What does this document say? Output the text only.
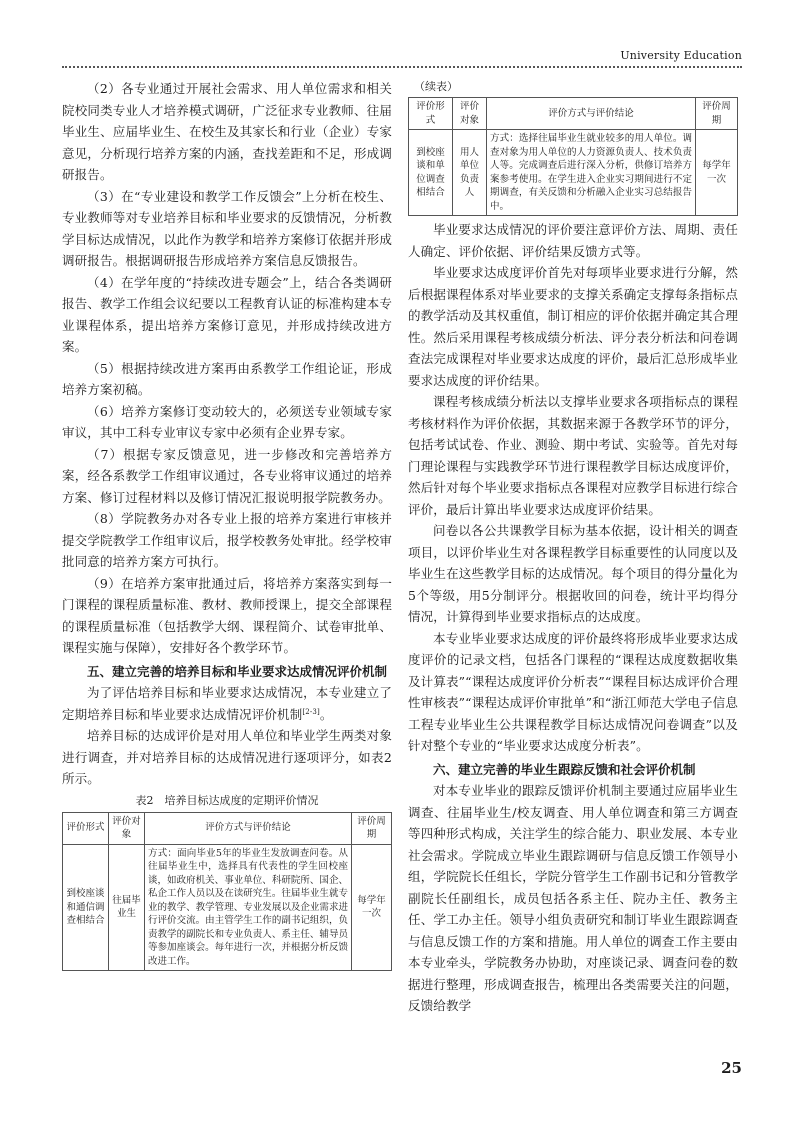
University Education

（2）各专业通过开展社会需求、用人单位需求和相关院校同类专业人才培养模式调研，广泛征求专业教师、往届毕业生、应届毕业生、在校生及其家长和行业（企业）专家意见，分析现行培养方案的内涵，查找差距和不足，形成调研报告。

（3）在“专业建设和教学工作反馈会”上分析在校生、专业教师等对专业培养目标和毕业要求的反馈情况，分析教学目标达成情况，以此作为教学和培养方案修订依据并形成调研报告。根据调研报告形成培养方案信息反馈报告。

（4）在学年度的“持续改进专题会”上，结合各类调研报告、教学工作组会议纪要以工程教育认证的标准构建本专业课程体系，提出培养方案修订意见，并形成持续改进方案。

（5）根据持续改进方案再由系教学工作组论证，形成培养方案初稿。

（6）培养方案修订变动较大的，必须送专业领域专家审议，其中工科专业审议专家中必须有企业界专家。

（7）根据专家反馈意见，进一步修改和完善培养方案，经各系教学工作组审议通过，各专业将审议通过的培养方案、修订过程材料以及修订情况汇报说明报学院教务办。

（8）学院教务办对各专业上报的培养方案进行审核并提交学院教学工作组审议后，报学校教务处审批。经学校审批同意的培养方案方可执行。

（9）在培养方案审批通过后，将培养方案落实到每一门课程的课程质量标准、教材、教师授课上，提交全部课程的课程质量标准（包括教学大纲、课程简介、试卷审批单、课程实施与保障），安排好各个教学环节。

五、建立完善的培养目标和毕业要求达成情况评价机制

为了评估培养目标和毕业要求达成情况，本专业建立了定期培养目标和毕业要求达成情况评价机制[2-3]。

培养目标的达成评价是对用人单位和毕业学生两类对象进行调查，并对培养目标的达成情况进行逐项评分，如表2所示。

表2　培养目标达成度的定期评价情况
评价形式	评价对象	评价方式与评价结论	评价周期
到校座谈和通信调查相结合	往届毕业生	方式：面向毕业5年的毕业生发放调查问卷。从往届毕业生中，选择具有代表性的学生回校座谈，如政府机关、事业单位、科研院所、国企、私企工作人员以及在读研究生。往届毕业生就专业的教学、教学管理、专业发展以及企业需求进行评价交流。由主管学生工作的副书记组织，负责教学的副院长和专业负责人、系主任、辅导员等参加座谈会。每年进行一次，并根据分析反馈改进工作。	每学年一次
（续表）
评价形式	评价对象	评价方式与评价结论	评价周期
到校座谈和单位调查相结合	用人单位负责人	方式：选择往届毕业生就业较多的用人单位。调查对象为用人单位的人力资源负责人、技术负责人等。完成调查后进行深入分析，供修订培养方案参考使用。在学生进入企业实习期间进行不定期调查，有关反馈和分析融入企业实习总结报告中。	每学年一次

毕业要求达成情况的评价要注意评价方法、周期、责任人确定、评价依据、评价结果反馈方式等。

毕业要求达成度评价首先对每项毕业要求进行分解，然后根据课程体系对毕业要求的支撑关系确定支撑每条指标点的教学活动及其权重值，制订相应的评价依据并确定其合理性。然后采用课程考核成绩分析法、评分表分析法和问卷调查法完成课程对毕业要求达成度的评价，最后汇总形成毕业要求达成度的评价结果。

课程考核成绩分析法以支撑毕业要求各项指标点的课程考核材料作为评价依据，其数据来源于各教学环节的评分，包括考试试卷、作业、测验、期中考试、实验等。首先对每门理论课程与实践教学环节进行课程教学目标达成度评价，然后针对每个毕业要求指标点各课程对应教学目标进行综合评价，最后计算出毕业要求达成度评价结果。

问卷以各公共课教学目标为基本依据，设计相关的调查项目，以评价毕业生对各课程教学目标重要性的认同度以及毕业生在这些教学目标的达成情况。每个项目的得分量化为5个等级，用5分制评分。根据收回的问卷，统计平均得分情况，计算得到毕业要求指标点的达成度。

本专业毕业要求达成度的评价最终将形成毕业要求达成度评价的记录文档，包括各门课程的“课程达成度数据收集及计算表”“课程达成度评价分析表”“课程目标达成评价合理性审核表”“课程达成评价审批单”和“浙江师范大学电子信息工程专业毕业生公共课程教学目标达成情况问卷调查”以及针对整个专业的“毕业要求达成度分析表”。

六、建立完善的毕业生跟踪反馈和社会评价机制

对本专业毕业的跟踪反馈评价机制主要通过应届毕业生调查、往届毕业生/校友调查、用人单位调查和第三方调查等四种形式构成，关注学生的综合能力、职业发展、本专业社会需求。学院成立毕业生跟踪调研与信息反馈工作领导小组，学院院长任组长，学院分管学生工作副书记和分管教学副院长任副组长，成员包括各系主任、院办主任、教务主任、学工办主任。领导小组负责研究和制订毕业生跟踪调查与信息反馈工作的方案和措施。用人单位的调查工作主要由本专业牵头，学院教务办协助，对座谈记录、调查问卷的数据进行整理，形成调查报告，梳理出各类需要关注的问题，反馈给教学

25
